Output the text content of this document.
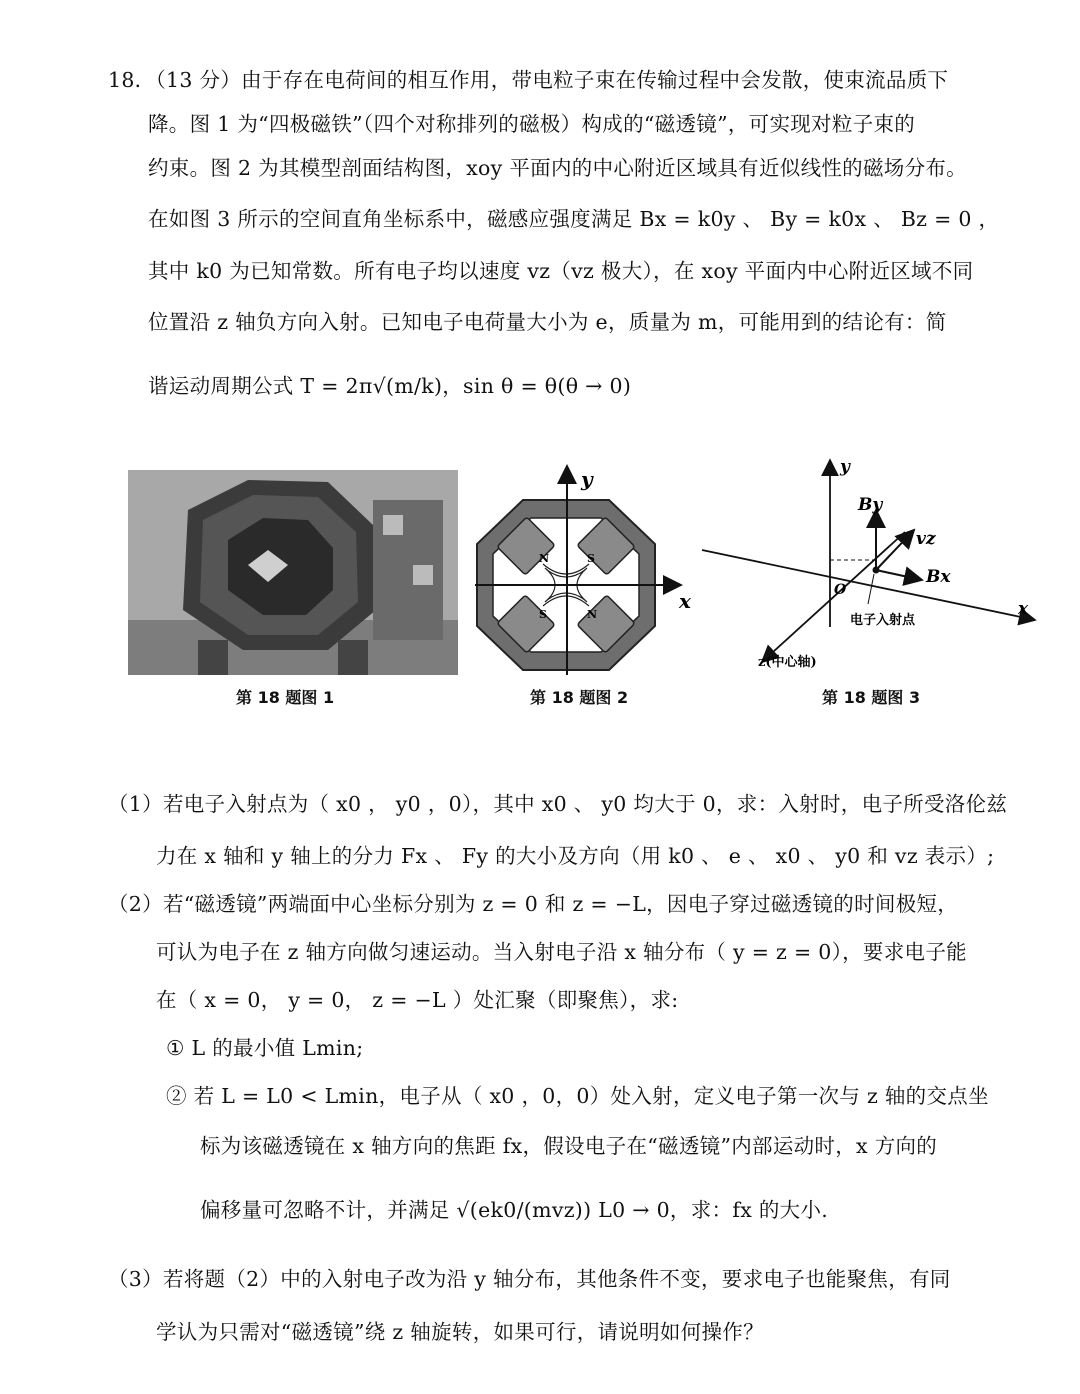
18．（13 分）由于存在电荷间的相互作用，带电粒子束在传输过程中会发散，使束流品质下
降。图 1 为“四极磁铁”（四个对称排列的磁极）构成的“磁透镜”，可实现对粒子束的
约束。图 2 为其模型剖面结构图，xoy 平面内的中心附近区域具有近似线性的磁场分布。
在如图 3 所示的空间直角坐标系中，磁感应强度满足 Bx = k0y 、 By = k0x 、 Bz = 0 ，
其中 k0 为已知常数。所有电子均以速度 vz（vz 极大），在 xoy 平面内中心附近区域不同
位置沿 z 轴负方向入射。已知电子电荷量大小为 e，质量为 m，可能用到的结论有：简
谐运动周期公式 T = 2π√(m/k)，sin θ = θ(θ → 0)
第 18 题图 1
y
x
N	S
S	N
第 18 题图 2
y
x
O
By
vz
Bx
电子入射点
z(中心轴)
第 18 题图 3
（1）若电子入射点为（ x0 ， y0 ，0），其中 x0 、 y0 均大于 0，求：入射时，电子所受洛伦兹
力在 x 轴和 y 轴上的分力 Fx 、 Fy 的大小及方向（用 k0 、 e 、 x0 、 y0 和 vz 表示）;
（2）若“磁透镜”两端面中心坐标分别为 z = 0 和 z = −L，因电子穿过磁透镜的时间极短，
可认为电子在 z 轴方向做匀速运动。当入射电子沿 x 轴分布（ y = z = 0），要求电子能
在（ x = 0， y = 0， z = −L ）处汇聚（即聚焦），求:
① L 的最小值 Lmin;
② 若 L = L0 < Lmin，电子从（ x0 ，0，0）处入射，定义电子第一次与 z 轴的交点坐
标为该磁透镜在 x 轴方向的焦距 fx，假设电子在“磁透镜”内部运动时，x 方向的
偏移量可忽略不计，并满足 √(ek0/(mvz)) L0 → 0，求：fx 的大小.
（3）若将题（2）中的入射电子改为沿 y 轴分布，其他条件不变，要求电子也能聚焦，有同
学认为只需对“磁透镜”绕 z 轴旋转，如果可行，请说明如何操作？
